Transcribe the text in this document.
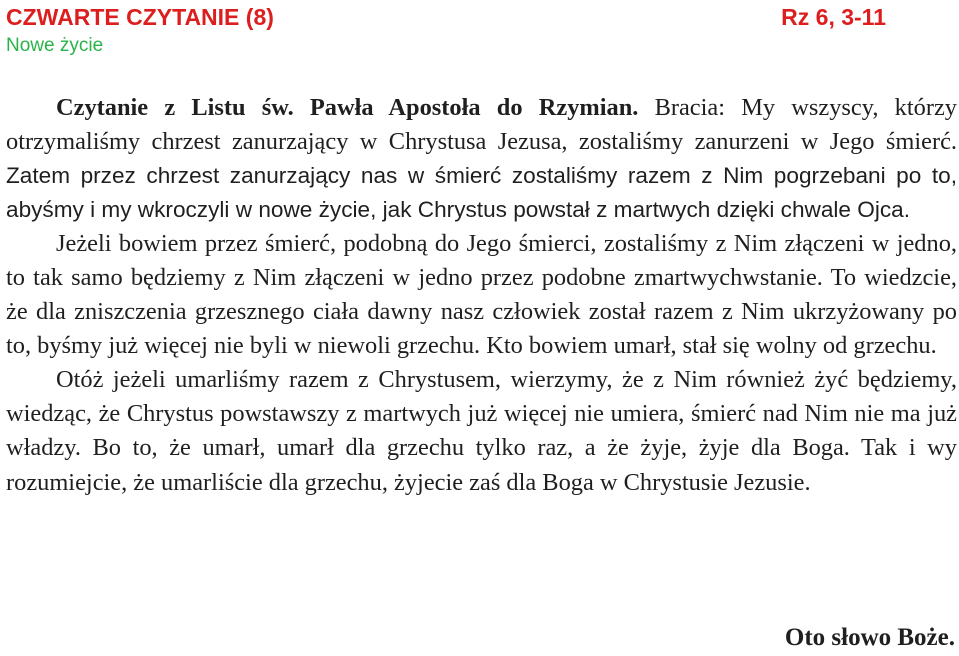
CZWARTE CZYTANIE (8)	Rz 6, 3-11
Nowe życie

Czytanie z Listu św. Pawła Apostoła do Rzymian. Bracia: My wszyscy, którzy otrzymaliśmy chrzest zanurzający w Chrystusa Jezusa, zostaliśmy zanurzeni w Jego śmierć. Zatem przez chrzest zanurzający nas w śmierć zostaliśmy razem z Nim pogrzebani po to, abyśmy i my wkroczyli w nowe życie, jak Chrystus powstał z martwych dzięki chwale Ojca.

Jeżeli bowiem przez śmierć, podobną do Jego śmierci, zostaliśmy z Nim złączeni w jedno, to tak samo będziemy z Nim złączeni w jedno przez podobne zmartwychwstanie. To wiedzcie, że dla zniszczenia grzesznego ciała dawny nasz człowiek został razem z Nim ukrzyżowany po to, byśmy już więcej nie byli w niewoli grzechu. Kto bowiem umarł, stał się wolny od grzechu.

Otóż jeżeli umarliśmy razem z Chrystusem, wierzymy, że z Nim również żyć będziemy, wiedząc, że Chrystus powstawszy z martwych już więcej nie umiera, śmierć nad Nim nie ma już władzy. Bo to, że umarł, umarł dla grzechu tylko raz, a że żyje, żyje dla Boga. Tak i wy rozumiejcie, że umarliście dla grzechu, żyjecie zaś dla Boga w Chrystusie Jezusie.

Oto słowo Boże.
